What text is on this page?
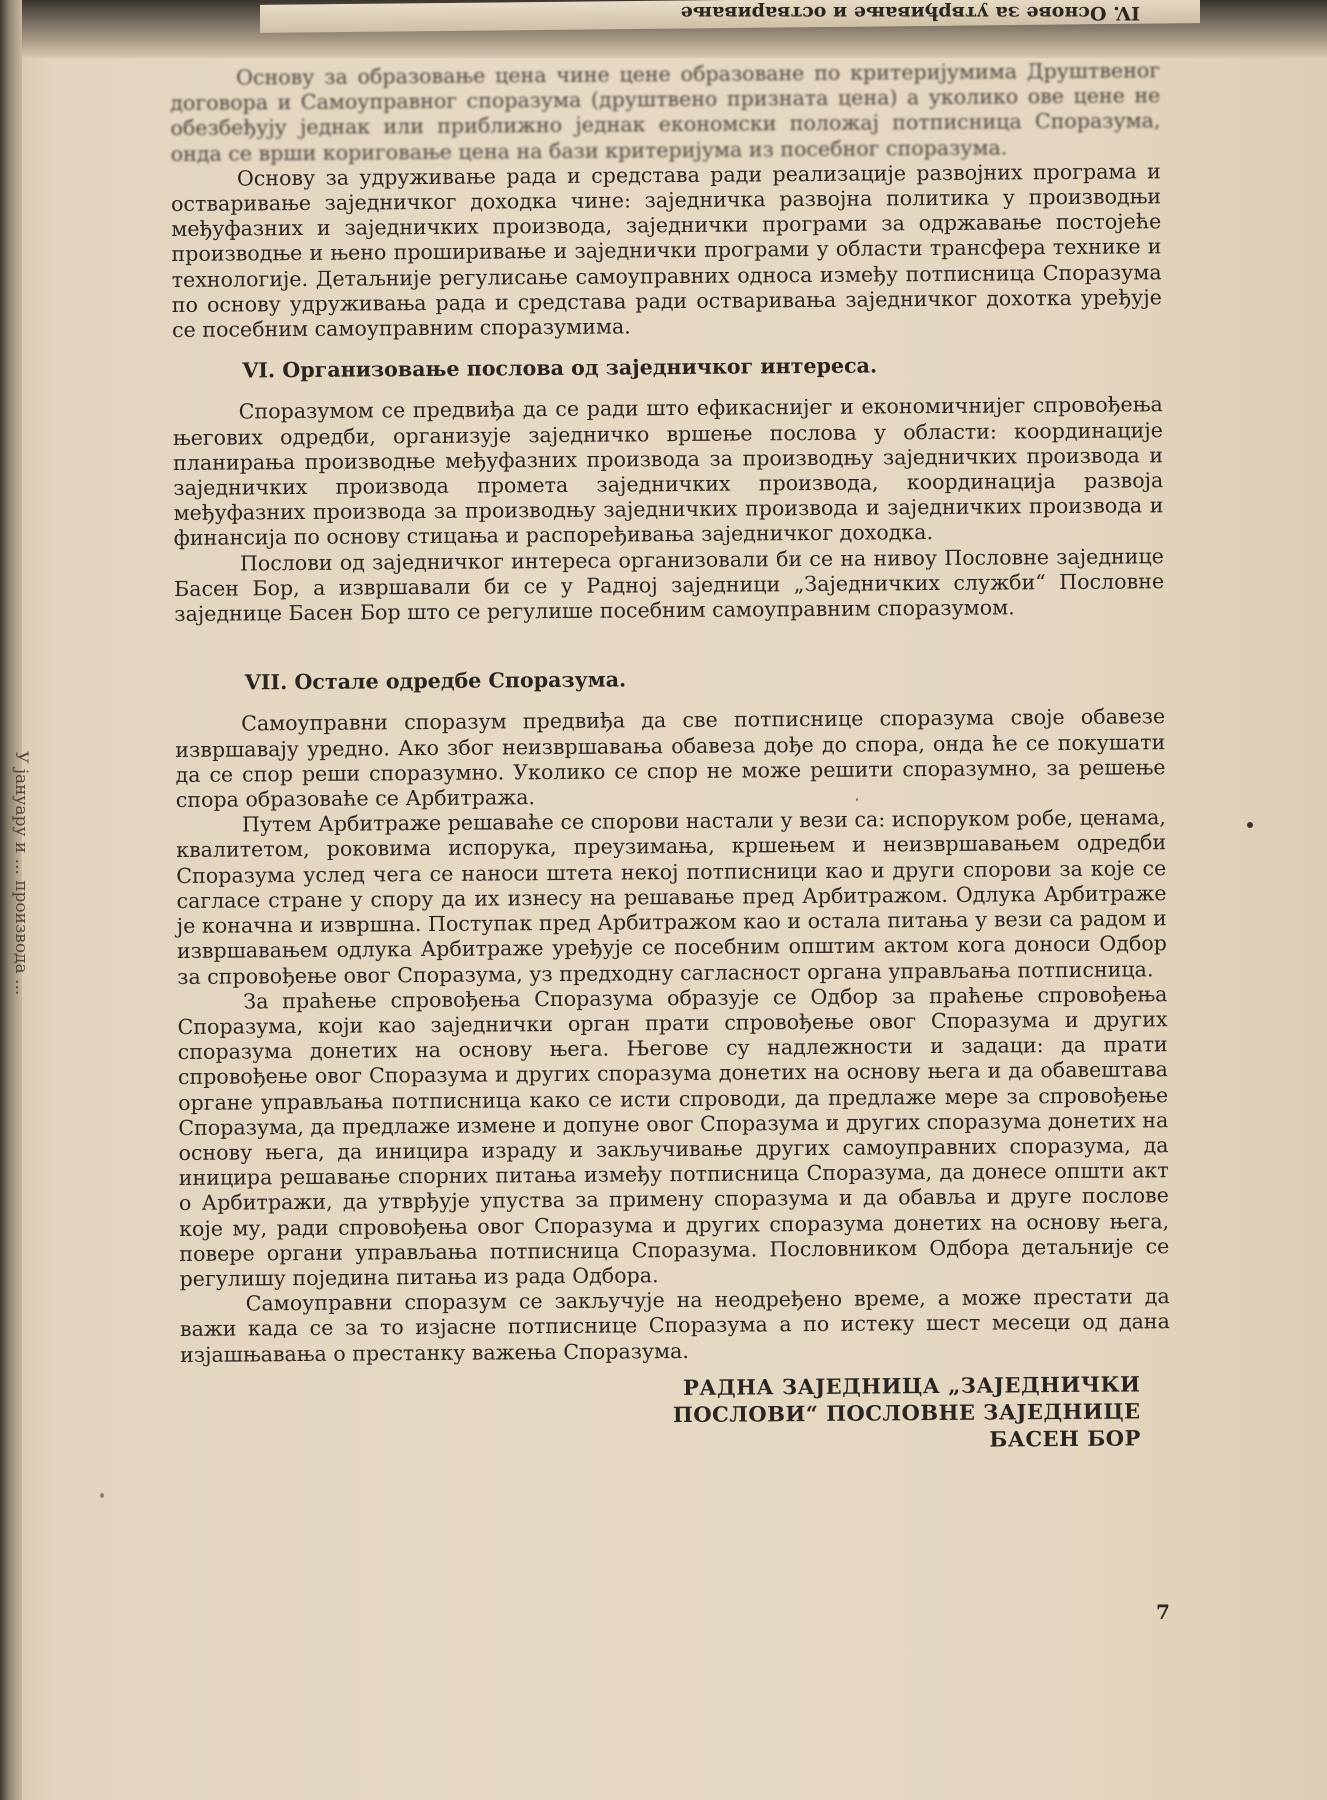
IV. Основе за утврђивање и остваривање
У јануару и ... производа ...

Основу за образовање цена чине цене образоване по критеријумима Друштвеног договора и Самоуправног споразума (друштвено призната цена) а уколико ове цене не обезбеђују једнак или приближно једнак економски положај потписница Споразума, онда се врши кориговање цена на бази критеријума из посебног споразума.

Основу за удруживање рада и средстава ради реализације развојних програма и остваривање заједничког доходка чине: заједничка развојна политика у производњи међуфазних и заједничких производа, заједнички програми за одржавање постојеће производње и њено проширивање и заједнички програми у области трансфера технике и технологије. Детаљније регулисање самоуправних односа између потписница Споразума по основу удруживања рада и средстава ради остваривања заједничког дохотка уређује се посебним самоуправним споразумима.

VI. Организовање послова од заједничког интереса.

Споразумом се предвиђа да се ради што ефикаснијег и економичнијег спровођења његових одредби, организује заједничко вршење послова у области: координације планирања производње међуфазних производа за производњу заједничких производа и заједничких производа промета заједничких производа, координација развоја међуфазних производа за производњу заједничких производа и заједничких производа и финансија по основу стицања и распоређивања заједничког доходка.

Послови од заједничког интереса организовали би се на нивоу Пословне заједнице Басен Бор, а извршавали би се у Радној заједници „Заједничких служби“ Пословне заједнице Басен Бор што се регулише посебним самоуправним споразумом.

VII. Остале одредбе Споразума.

Самоуправни споразум предвиђа да све потписнице споразума своје обавезе извршавају уредно. Ако због неизвршавања обавеза дође до спора, онда ће се покушати да се спор реши споразумно. Уколико се спор не може решити споразумно, за решење спора образоваће се Арбитража.

Путем Арбитраже решаваће се спорови настали у вези са: испоруком робе, ценама, квалитетом, роковима испорука, преузимања, кршењем и неизвршавањем одредби Споразума услед чега се наноси штета некој потписници као и други спорови за које се сагласе стране у спору да их изнесу на решавање пред Арбитражом. Одлука Арбитраже је коначна и извршна. Поступак пред Арбитражом као и остала питања у вези са радом и извршавањем одлука Арбитраже уређује се посебним општим актом кога доноси Одбор за спровођење овог Споразума, уз предходну сагласност органа управљања потписница.

За праћење спровођења Споразума образује се Одбор за праћење спровођења Споразума, који као заједнички орган прати спровођење овог Споразума и других споразума донетих на основу њега. Његове су надлежности и задаци: да прати спровођење овог Споразума и других споразума донетих на основу њега и да обавештава органе управљања потписница како се исти спроводи, да предлаже мере за спровођење Споразума, да предлаже измене и допуне овог Споразума и других споразума донетих на основу њега, да иницира израду и закључивање других самоуправних споразума, да иницира решавање спорних питања између потписница Споразума, да донесе општи акт о Арбитражи, да утврђује упуства за примену споразума и да обавља и друге послове које му, ради спровођења овог Споразума и других споразума донетих на основу њега, повере органи управљања потписница Споразума. Пословником Одбора детаљније се регулишу поједина питања из рада Одбора.

Самоуправни споразум се закључује на неодређено време, а може престати да важи када се за то изјасне потписнице Споразума а по истеку шест месеци од дана изјашњавања о престанку важења Споразума.

РАДНА ЗАЈЕДНИЦА „ЗАЈЕДНИЧКИ
ПОСЛОВИ“ ПОСЛОВНЕ ЗАЈЕДНИЦЕ
БАСЕН БОР
7
